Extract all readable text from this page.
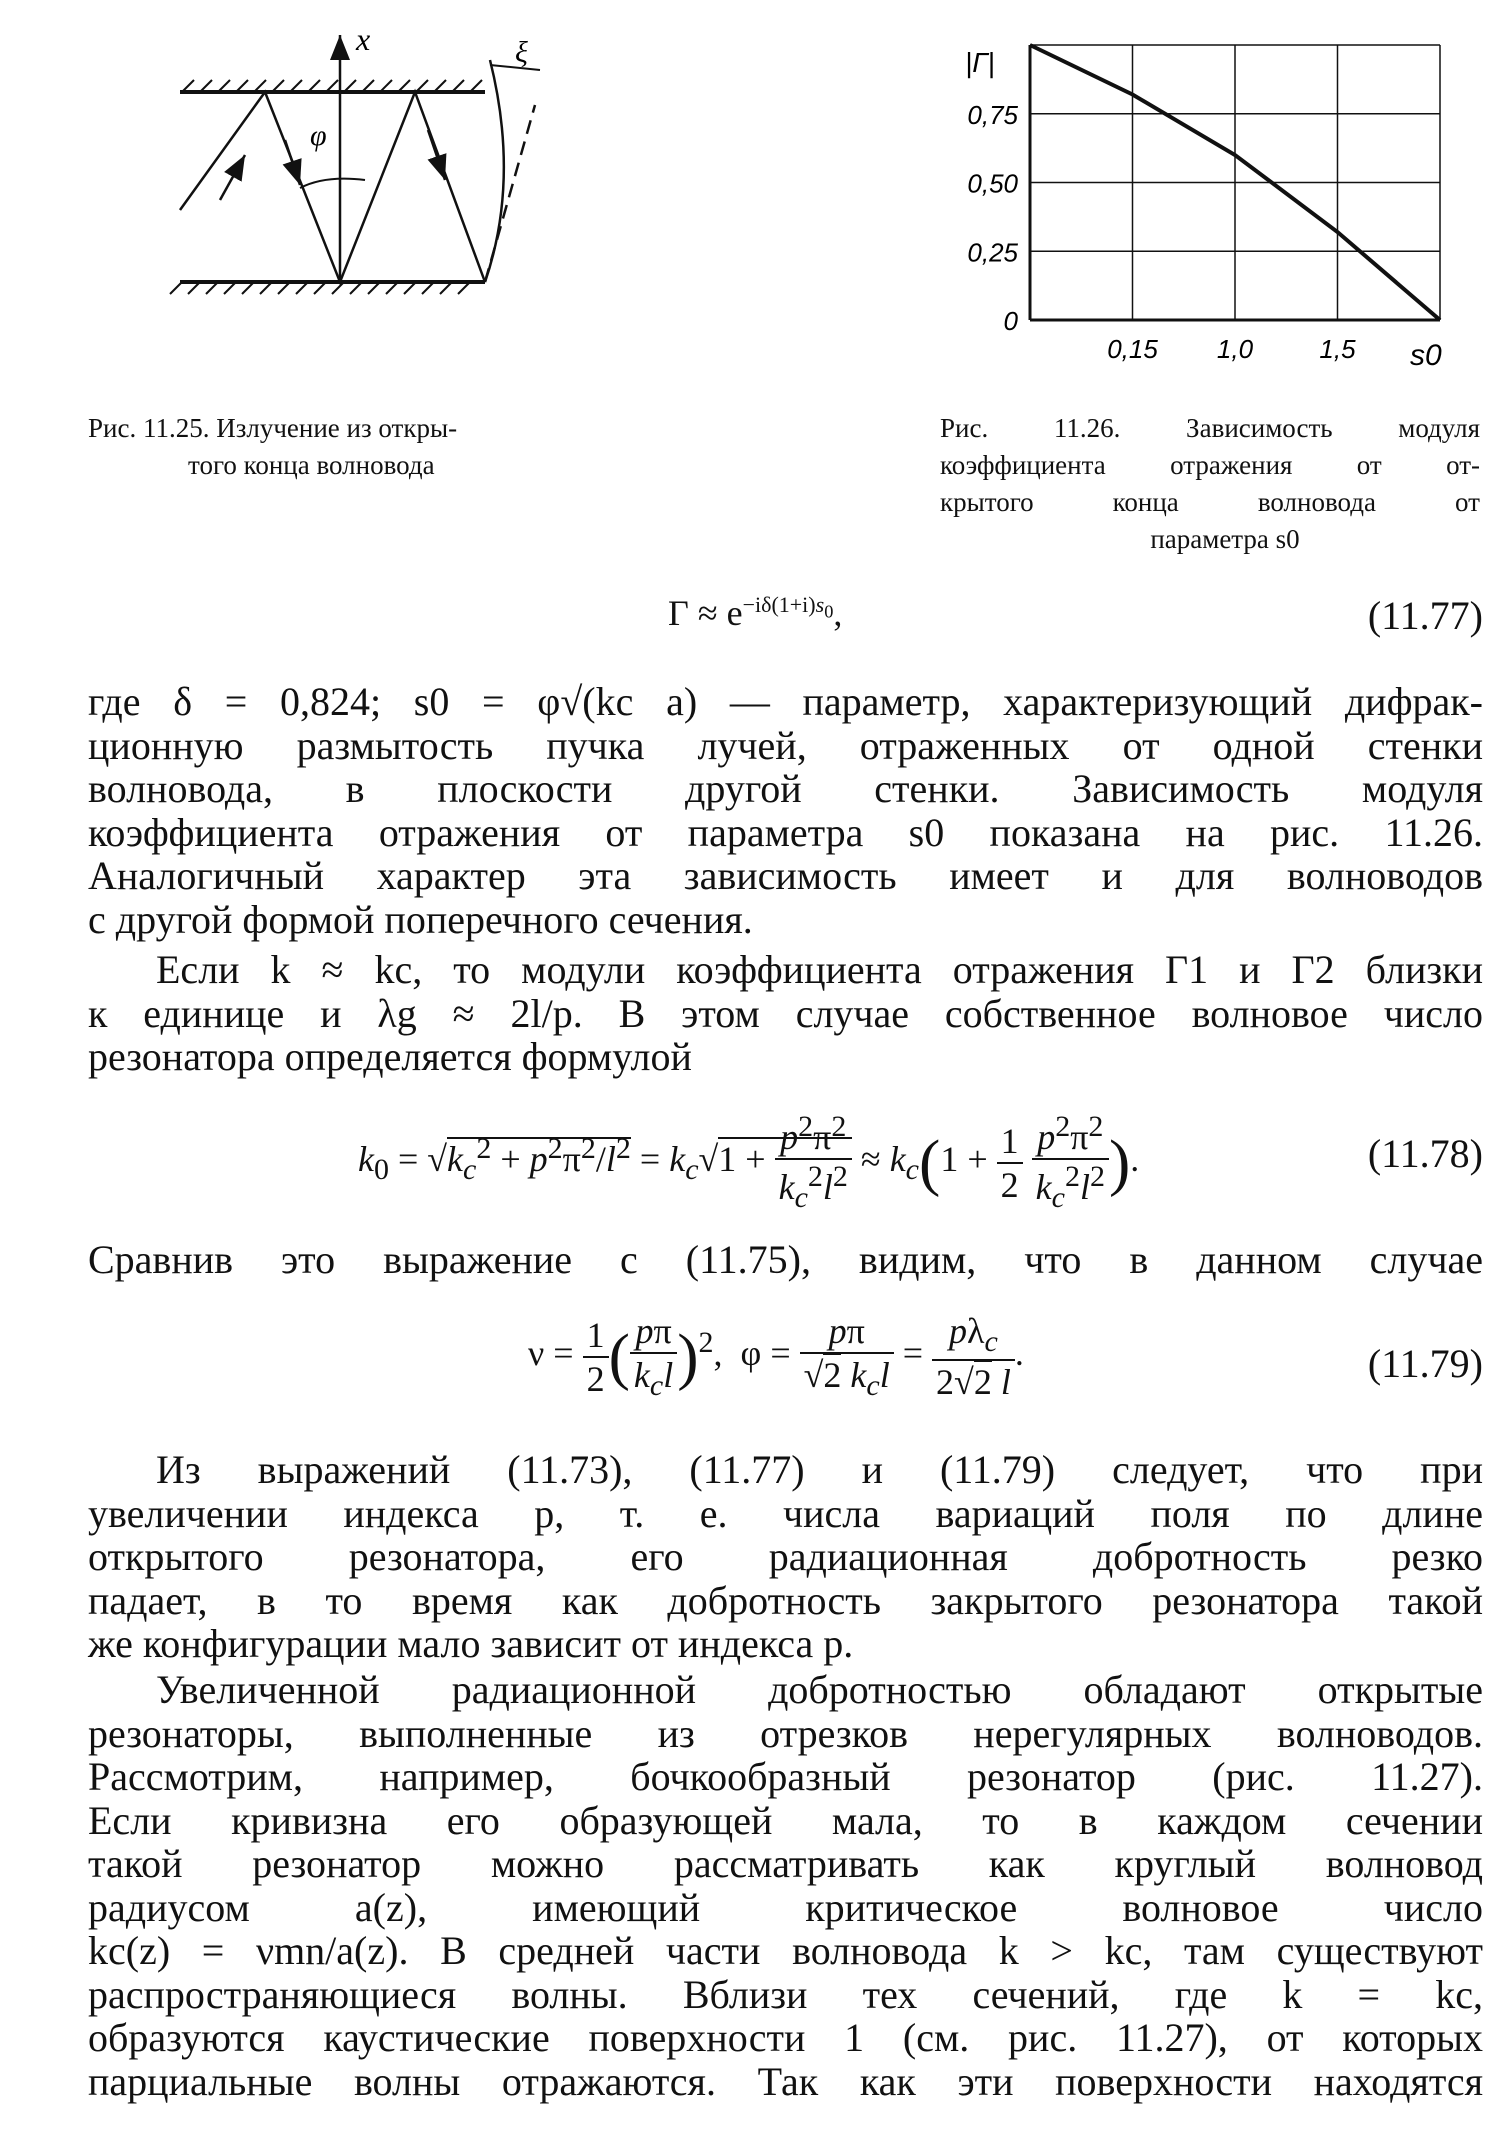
x
φ
ξ
Рис. 11.25. Излучение из откры-
того конца волновода
0
0,25
0,50
0,75
0,15 1,0	1,5
|Г|
s0
Рис. 11.26. Зависимость модуля
коэффициента отражения от от-
крытого конца волновода от
параметра s0
$Г \approx e^{-i\delta(1+i)s_0}$,	(11.77)
где δ = 0,824; s0 = φ√(kc a) — параметр, характеризующий дифрак-
ционную размытость пучка лучей, отраженных от одной стенки
волновода, в плоскости другой стенки. Зависимость модуля
коэффициента отражения от параметра s0 показана на рис. 11.26.
Аналогичный характер эта зависимость имеет и для волноводов
с другой формой поперечного сечения.
Если k ≈ kc, то модули коэффициента отражения Г1 и Г2 близки
к единице и λg ≈ 2l/p. В этом случае собственное волновое число
резонатора определяется формулой
$k_0 = √k_c^2 + p^2\pi^2/l^2 = k_c√1 + \frac{p^2\pi^2}{k_c^2l^2} \approx k_c(1 + \frac{1}{2}$
$\frac{p^2\pi^2}{k_c^2l^2}$ ).	(11.78)
Сравнив это выражение с (11.75), видим, что в данном случае
$\nu = \frac{1}{2}$ ( $\frac{p\pi}{k_cl} )^2$,  $\varphi = \frac{p\pi}{√2 k_cl} = \frac{p\lambda_c}{2√2 l}$ .	(11.79)
Из выражений (11.73), (11.77) и (11.79) следует, что при
увеличении индекса p, т. е. числа вариаций поля по длине
открытого резонатора, его радиационная добротность резко
падает, в то время как добротность закрытого резонатора такой
же конфигурации мало зависит от индекса p.
Увеличенной радиационной добротностью обладают открытые
резонаторы, выполненные из отрезков нерегулярных волноводов.
Рассмотрим, например, бочкообразный резонатор (рис. 11.27).
Если кривизна его образующей мала, то в каждом сечении
такой резонатор можно рассматривать как круглый волновод
радиусом a(z), имеющий критическое волновое число
kc(z) = νmn/a(z). В средней части волновода k > kc, там существуют
распространяющиеся волны. Вблизи тех сечений, где k = kc,
образуются каустические поверхности 1 (см. рис. 11.27), от которых
парциальные волны отражаются. Так как эти поверхности находятся
